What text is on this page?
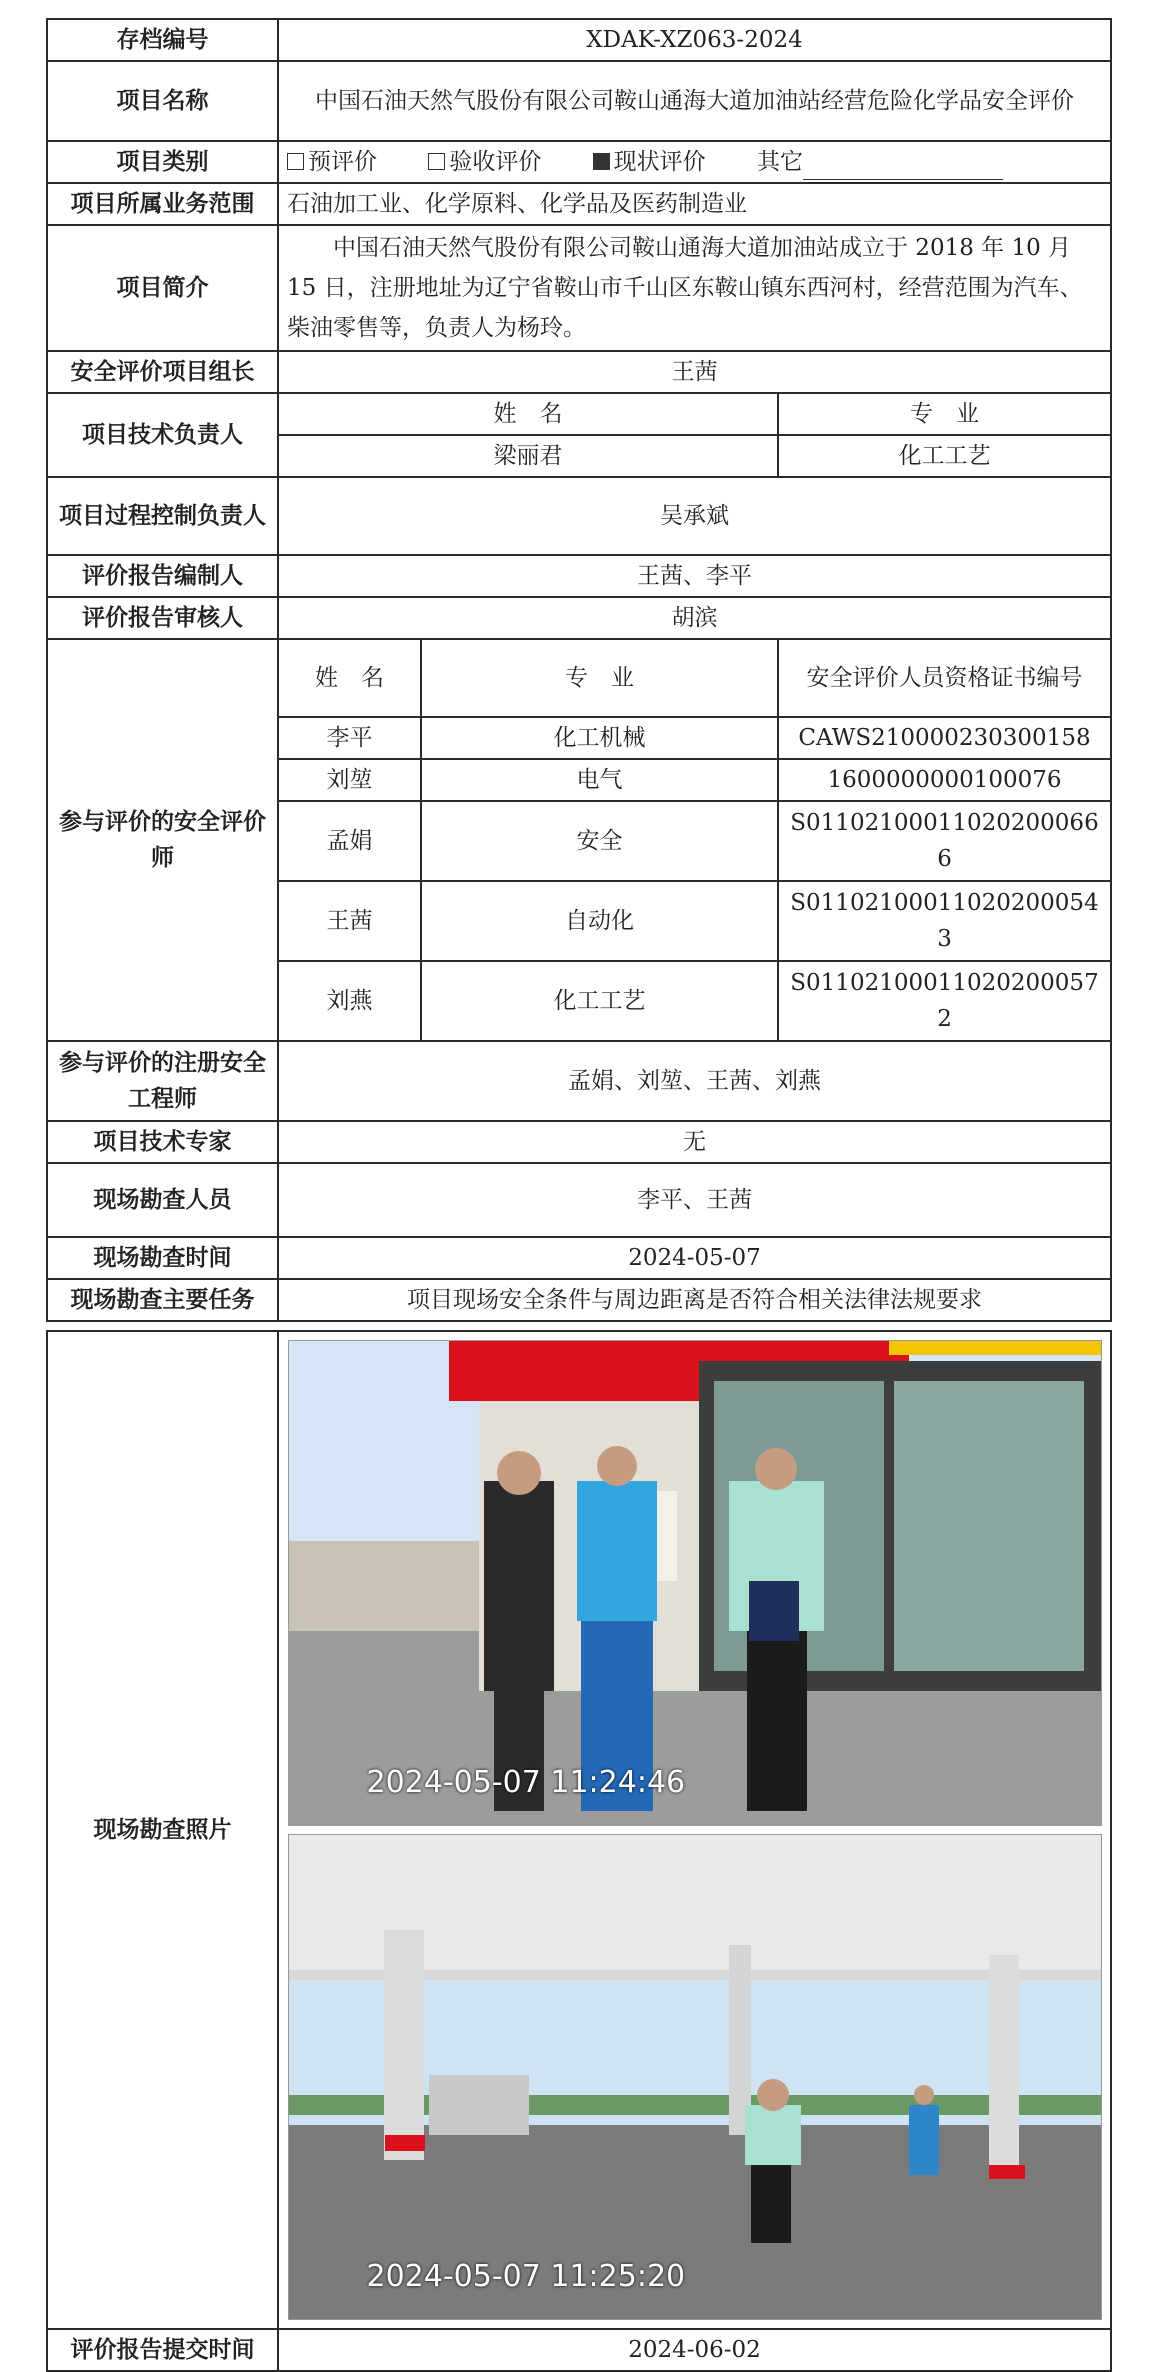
存档编号	XDAK-XZ063-2024		
项目名称	中国石油天然气股份有限公司鞍山通海大道加油站经营危险化学品安全评价		
项目类别	预评价 验收评价 现状评价 其它		
项目所属业务范围	石油加工业、化学原料、化学品及医药制造业		
项目简介	中国石油天然气股份有限公司鞍山通海大道加油站成立于 2018 年 10 月 15 日，注册地址为辽宁省鞍山市千山区东鞍山镇东西河村，经营范围为汽车、柴油零售等，负责人为杨玲。		
安全评价项目组长	王茜		
项目技术负责人	姓　名		专　业
	梁丽君		化工工艺
项目过程控制负责人	吴承斌		
评价报告编制人	王茜、李平		
评价报告审核人	胡滨		
参与评价的安全评价师	姓　名	专　业	安全评价人员资格证书编号
	李平	化工机械	CAWS210000230300158
	刘堃	电气	1600000000100076
	孟娟	安全	S011021000110202000666
	王茜	自动化	S011021000110202000543
	刘燕	化工工艺	S011021000110202000572
参与评价的注册安全工程师	孟娟、刘堃、王茜、刘燕		
项目技术专家	无		
现场勘查人员	李平、王茜		
现场勘查时间	2024-05-07		
现场勘查主要任务	项目现场安全条件与周边距离是否符合相关法律法规要求		
现场勘查照片	2024-05-07 11:24:46
2024-05-07 11:25:20

评价报告提交时间	2024-06-02
